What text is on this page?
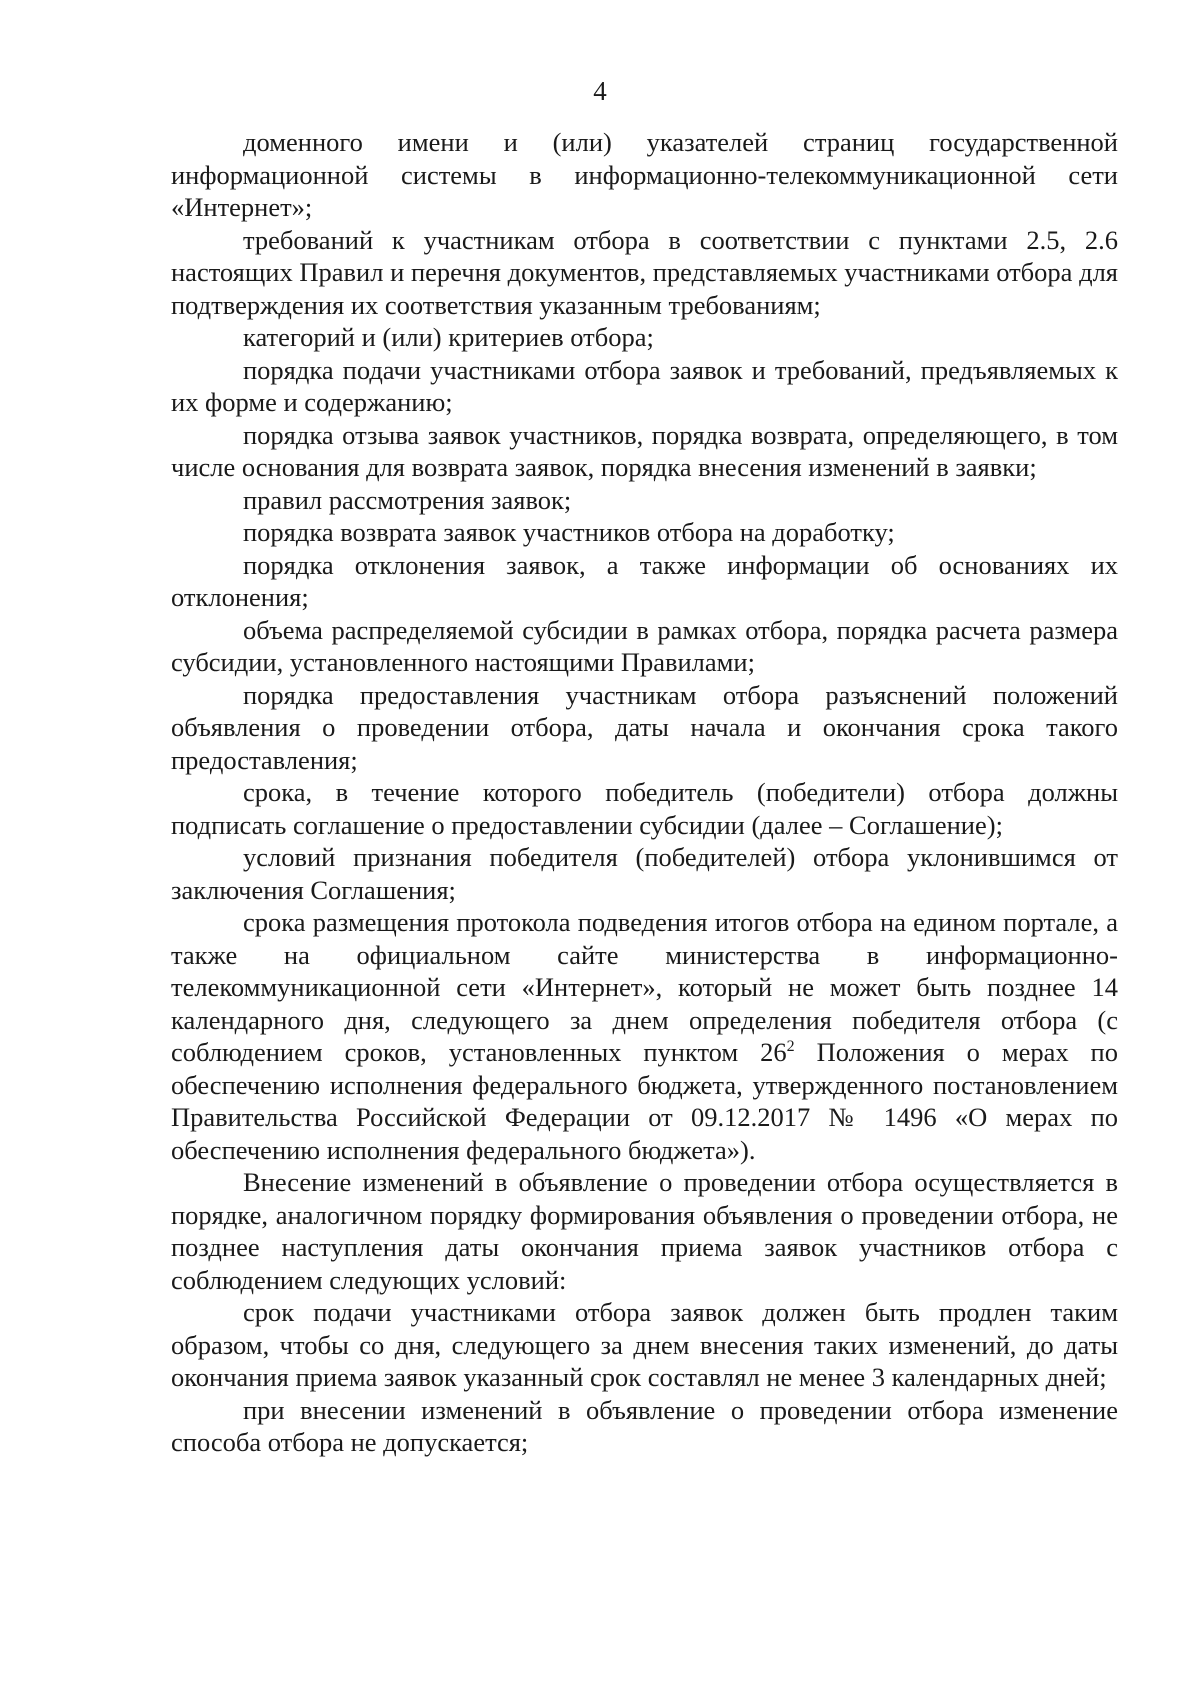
4

доменного имени и (или) указателей страниц государственной информационной системы в информационно-телекоммуникационной сети «Интернет»;

требований к участникам отбора в соответствии с пунктами 2.5, 2.6 настоящих Правил и перечня документов, представляемых участниками отбора для подтверждения их соответствия указанным требованиям;

категорий и (или) критериев отбора;

порядка подачи участниками отбора заявок и требований, предъявляемых к их форме и содержанию;

порядка отзыва заявок участников, порядка возврата, определяющего, в том числе основания для возврата заявок, порядка внесения изменений в заявки;

правил рассмотрения заявок;

порядка возврата заявок участников отбора на доработку;

порядка отклонения заявок, а также информации об основаниях их отклонения;

объема распределяемой субсидии в рамках отбора, порядка расчета размера субсидии, установленного настоящими Правилами;

порядка предоставления участникам отбора разъяснений положений объявления о проведении отбора, даты начала и окончания срока такого предоставления;

срока, в течение которого победитель (победители) отбора должны подписать соглашение о предоставлении субсидии (далее – Соглашение);

условий признания победителя (победителей) отбора уклонившимся от заключения Соглашения;

срока размещения протокола подведения итогов отбора на едином портале, а также на официальном сайте министерства в информационно-телекоммуникационной сети «Интернет», который не может быть позднее 14 календарного дня, следующего за днем определения победителя отбора (с соблюдением сроков, установленных пунктом $26^2$ Положения о мерах по обеспечению исполнения федерального бюджета, утвержденного постановлением Правительства Российской Федерации от 09.12.2017 № 1496 «О мерах по обеспечению исполнения федерального бюджета»).

Внесение изменений в объявление о проведении отбора осуществляется в порядке, аналогичном порядку формирования объявления о проведении отбора, не позднее наступления даты окончания приема заявок участников отбора с соблюдением следующих условий:

срок подачи участниками отбора заявок должен быть продлен таким образом, чтобы со дня, следующего за днем внесения таких изменений, до даты окончания приема заявок указанный срок составлял не менее 3 календарных дней;

при внесении изменений в объявление о проведении отбора изменение способа отбора не допускается;
